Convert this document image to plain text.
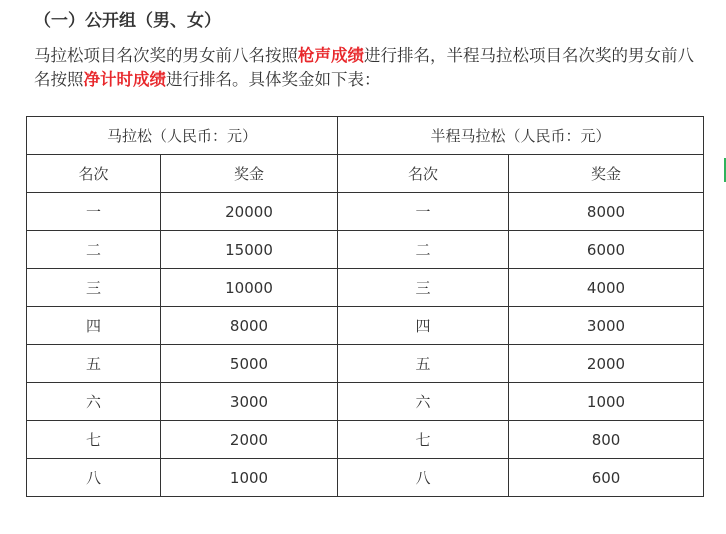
（一）公开组（男、女）

马拉松项目名次奖的男女前八名按照枪声成绩进行排名，半程马拉松项目名次奖的男女前八名按照净计时成绩进行排名。具体奖金如下表：

马拉松（人民币：元）		半程马拉松（人民币：元）	
名次	奖金	名次	奖金
一	20000	一	8000
二	15000	二	6000
三	10000	三	4000
四	8000	四	3000
五	5000	五	2000
六	3000	六	1000
七	2000	七	800
八	1000	八	600
